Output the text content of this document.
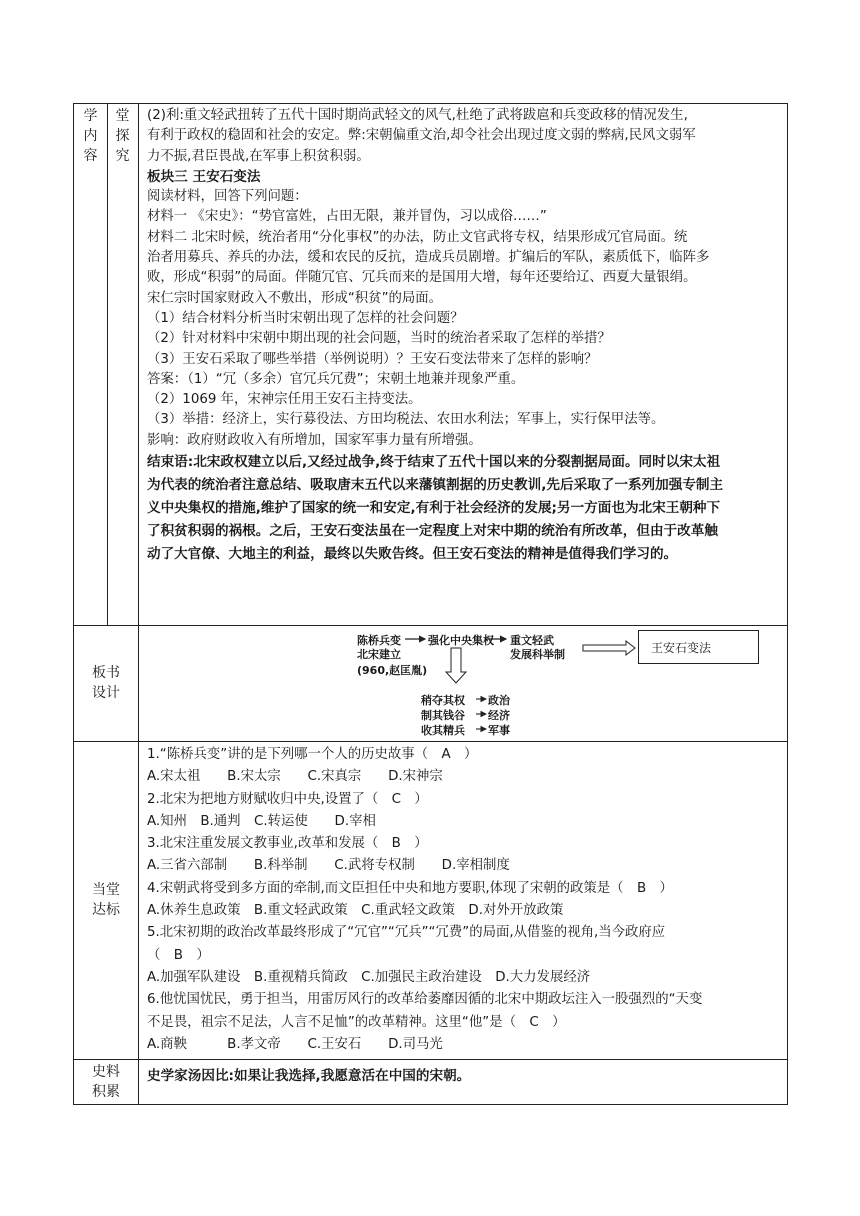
学
内
容
堂
探
究

(2)利:重文轻武扭转了五代十国时期尚武轻文的风气,杜绝了武将跋扈和兵变政移的情况发生,

有利于政权的稳固和社会的安定。弊:宋朝偏重文治,却令社会出现过度文弱的弊病,民风文弱军

力不振,君臣畏战,在军事上积贫积弱。

板块三 王安石变法

阅读材料，回答下列问题：

材料一 《宋史》：“势官富姓，占田无限，兼并冒伪，习以成俗……”

材料二 北宋时候，统治者用“分化事权”的办法，防止文官武将专权，结果形成冗官局面。统

治者用募兵、养兵的办法，缓和农民的反抗，造成兵员剧增。扩编后的军队，素质低下，临阵多

败，形成“积弱”的局面。伴随冗官、冗兵而来的是国用大增，每年还要给辽、西夏大量银绢。

宋仁宗时国家财政入不敷出，形成“积贫”的局面。

（1）结合材料分析当时宋朝出现了怎样的社会问题？

（2）针对材料中宋朝中期出现的社会问题，当时的统治者采取了怎样的举措？

（3）王安石采取了哪些举措（举例说明）？王安石变法带来了怎样的影响？

答案：（1）“冗（多余）官冗兵冗费”；宋朝土地兼并现象严重。

（2）1069 年，宋神宗任用王安石主持变法。

（3）举措：经济上，实行募役法、方田均税法、农田水利法；军事上，实行保甲法等。

影响：政府财政收入有所增加，国家军事力量有所增强。

结束语:北宋政权建立以后,又经过战争,终于结束了五代十国以来的分裂割据局面。同时以宋太祖

为代表的统治者注意总结、吸取唐末五代以来藩镇割据的历史教训,先后采取了一系列加强专制主

义中央集权的措施,维护了国家的统一和安定,有利于社会经济的发展;另一方面也为北宋王朝种下

了积贫积弱的祸根。之后，王安石变法虽在一定程度上对宋中期的统治有所改革，但由于改革触

动了大官僚、大地主的利益，最终以失败告终。但王安石变法的精神是值得我们学习的。

板书
设计
陈桥兵变 强化中央集权 重文轻武
发展科举制
北宋建立
(960,赵匡胤)
王安石变法
稍夺其权 政治
制其钱谷 经济
收其精兵 军事
当堂
达标

1.“陈桥兵变”讲的是下列哪一个人的历史故事（　A　）

A.宋太祖　　B.宋太宗　　C.宋真宗　　D.宋神宗

2.北宋为把地方财赋收归中央,设置了（　C　）

A.知州　B.通判　C.转运使　　D.宰相

3.北宋注重发展文教事业,改革和发展（　B　）

A.三省六部制　　B.科举制　　C.武将专权制　　D.宰相制度

4.宋朝武将受到多方面的牵制,而文臣担任中央和地方要职,体现了宋朝的政策是（　B　）

A.休养生息政策　B.重文轻武政策　C.重武轻文政策　D.对外开放政策

5.北宋初期的政治改革最终形成了“冗官”“冗兵”“冗费”的局面,从借鉴的视角,当今政府应

（　B　）

A.加强军队建设　B.重视精兵简政　C.加强民主政治建设　D.大力发展经济

6.他忧国忧民，勇于担当，用雷厉风行的改革给萎靡因循的北宋中期政坛注入一股强烈的“天变

不足畏，祖宗不足法，人言不足恤”的改革精神。这里“他”是（　C　）

A.商鞅　　　B.孝文帝　　C.王安石　　D.司马光

史料
积累

史学家汤因比:如果让我选择,我愿意活在中国的宋朝。
